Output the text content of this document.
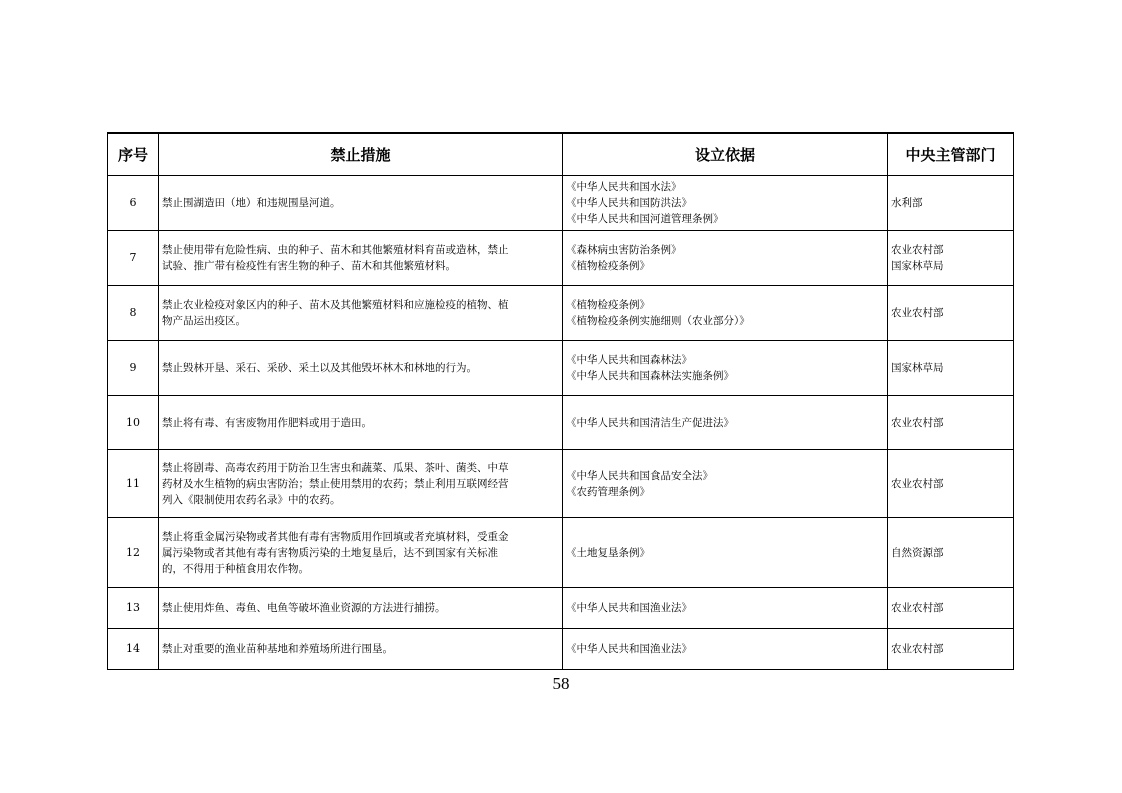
序号	禁止措施	设立依据	中央主管部门
6	禁止围湖造田（地）和违规围垦河道。	《中华人民共和国水法》
《中华人民共和国防洪法》
《中华人民共和国河道管理条例》	水利部

7	禁止使用带有危险性病、虫的种子、苗木和其他繁殖材料育苗或造林，禁止
试验、推广带有检疫性有害生物的种子、苗木和其他繁殖材料。	《森林病虫害防治条例》
《植物检疫条例》	农业农村部
国家林草局

8	禁止农业检疫对象区内的种子、苗木及其他繁殖材料和应施检疫的植物、植
物产品运出疫区。	《植物检疫条例》
《植物检疫条例实施细则（农业部分）》	农业农村部

9	禁止毁林开垦、采石、采砂、采土以及其他毁坏林木和林地的行为。	《中华人民共和国森林法》
《中华人民共和国森林法实施条例》	国家林草局

10	禁止将有毒、有害废物用作肥料或用于造田。	《中华人民共和国清洁生产促进法》	农业农村部

11	禁止将剧毒、高毒农药用于防治卫生害虫和蔬菜、瓜果、茶叶、菌类、中草
药材及水生植物的病虫害防治；禁止使用禁用的农药；禁止利用互联网经营
列入《限制使用农药名录》中的农药。	《中华人民共和国食品安全法》
《农药管理条例》	农业农村部

12	禁止将重金属污染物或者其他有毒有害物质用作回填或者充填材料，受重金
属污染物或者其他有毒有害物质污染的土地复垦后，达不到国家有关标准
的，不得用于种植食用农作物。	《土地复垦条例》	自然资源部

13	禁止使用炸鱼、毒鱼、电鱼等破坏渔业资源的方法进行捕捞。	《中华人民共和国渔业法》	农业农村部

14	禁止对重要的渔业苗种基地和养殖场所进行围垦。	《中华人民共和国渔业法》	农业农村部
58
